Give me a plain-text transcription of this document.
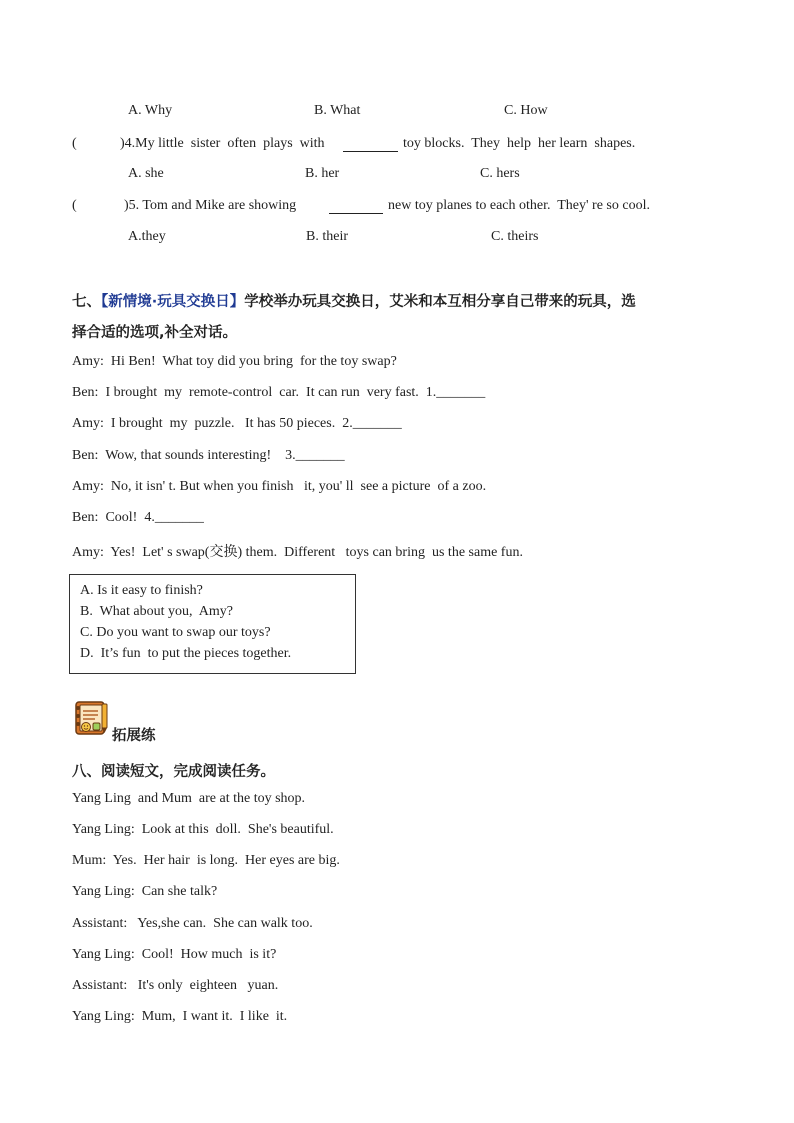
A. Why	B. What	C. How
(	)4.My little  sister  often  plays  with	toy blocks.  They  help  her learn  shapes.
A. she	B. her	C. hers
(	)5. Tom and Mike are showing	new toy planes to each other.  They' re so cool.
A.they	B. their	C. theirs
七、【新情境·玩具交换日】学校举办玩具交换日，艾米和本互相分享自己带来的玩具，选
择合适的选项,补全对话。
Amy:  Hi Ben!  What toy did you bring  for the toy swap?
Ben:  I brought  my  remote-control  car.  It can run  very fast.  1._______
Amy:  I brought  my  puzzle.   It has 50 pieces.  2._______
Ben:  Wow, that sounds interesting!    3._______
Amy:  No, it isn' t. But when you finish   it, you' ll  see a picture  of a zoo.
Ben:  Cool!  4._______
Amy:  Yes!  Let' s swap(交换) them.  Different   toys can bring  us the same fun.
A. Is it easy to finish?
B.  What about you,  Amy?
C. Do you want to swap our toys?
D.  It’s fun  to put the pieces together.
拓展练
八、阅读短文，完成阅读任务。
Yang Ling  and Mum  are at the toy shop.
Yang Ling:  Look at this  doll.  She's beautiful.
Mum:  Yes.  Her hair  is long.  Her eyes are big.
Yang Ling:  Can she talk?
Assistant:   Yes,she can.  She can walk too.
Yang Ling:  Cool!  How much  is it?
Assistant:   It's only  eighteen   yuan.
Yang Ling:  Mum,  I want it.  I like  it.
